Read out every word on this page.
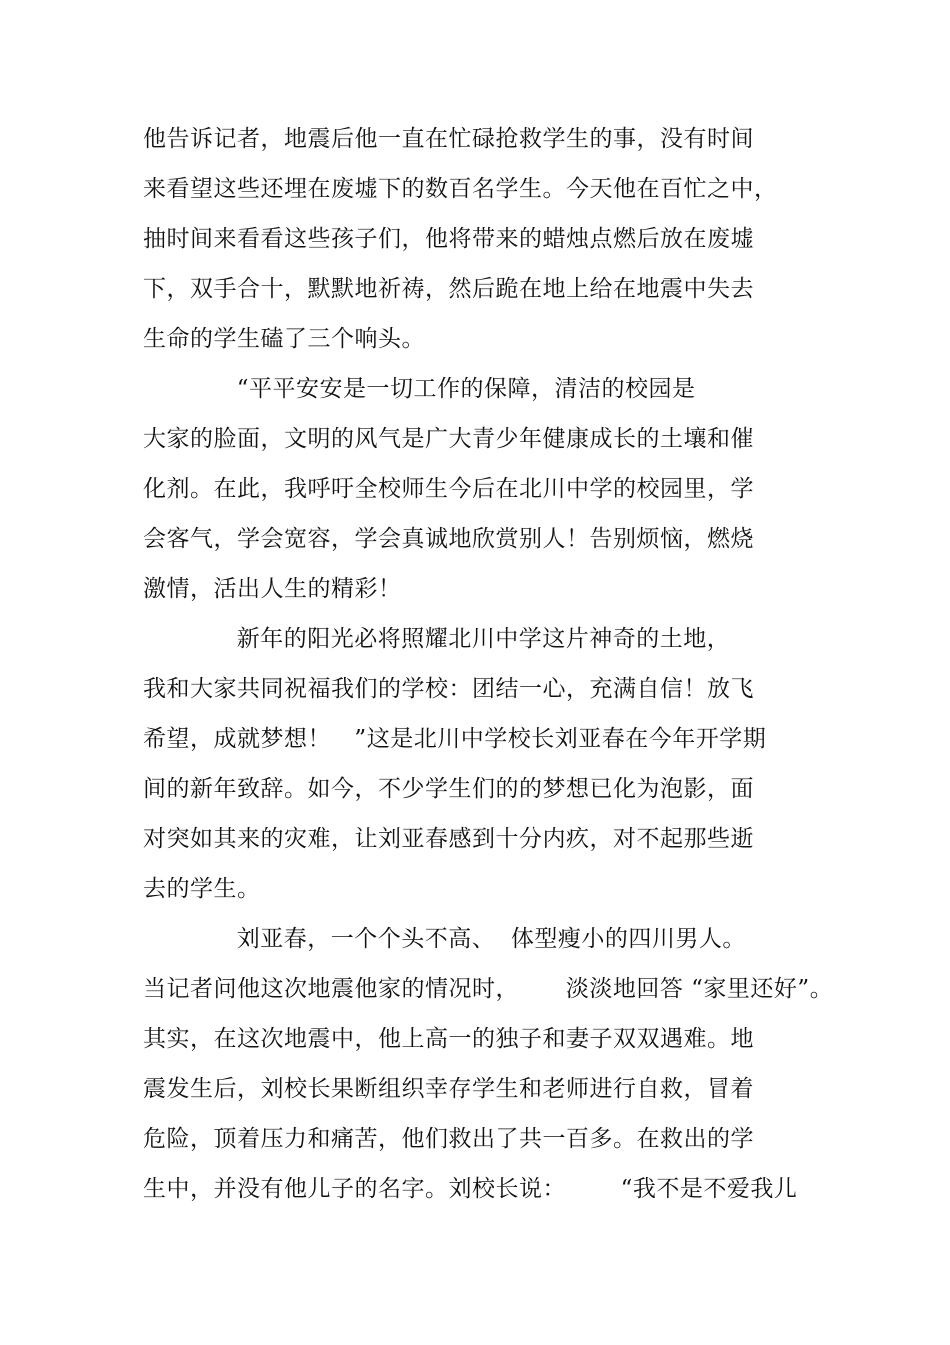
他告诉记者，地震后他一直在忙碌抢救学生的事，没有时间
来看望这些还埋在废墟下的数百名学生。今天他在百忙之中，
抽时间来看看这些孩子们，他将带来的蜡烛点燃后放在废墟
下，双手合十，默默地祈祷，然后跪在地上给在地震中失去
生命的学生磕了三个响头。
“平平安安是一切工作的保障，清洁的校园是
大家的脸面，文明的风气是广大青少年健康成长的土壤和催
化剂。在此，我呼吁全校师生今后在北川中学的校园里，学
会客气，学会宽容，学会真诚地欣赏别人！告别烦恼，燃烧
激情，活出人生的精彩！
新年的阳光必将照耀北川中学这片神奇的土地，
我和大家共同祝福我们的学校：团结一心，充满自信！放飞
希望，成就梦想！   ”这是北川中学校长刘亚春在今年开学期
间的新年致辞。如今，不少学生们的的梦想已化为泡影，面
对突如其来的灾难，让刘亚春感到十分内疚，对不起那些逝
去的学生。
刘亚春，一个个头不高、  体型瘦小的四川男人。
当记者问他这次地震他家的情况时，      淡淡地回答 “家里还好”。
其实，在这次地震中，他上高一的独子和妻子双双遇难。地
震发生后，刘校长果断组织幸存学生和老师进行自救，冒着
危险，顶着压力和痛苦，他们救出了共一百多。在救出的学
生中，并没有他儿子的名字。刘校长说：       “我不是不爱我儿
